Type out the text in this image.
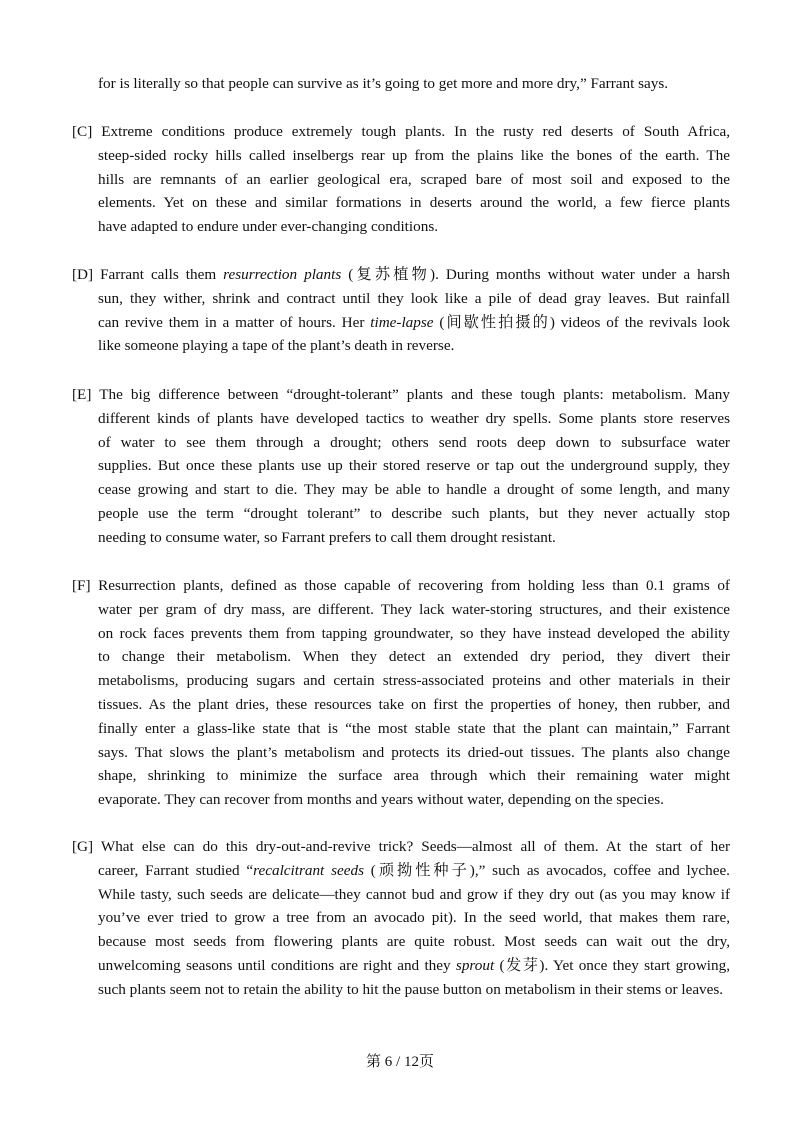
for is literally so that people can survive as it’s going to get more and more dry,” Farrant says.
[C] Extreme conditions produce extremely tough plants. In the rusty red deserts of South Africa,
steep-sided rocky hills called inselbergs rear up from the plains like the bones of the earth. The
hills are remnants of an earlier geological era, scraped bare of most soil and exposed to the
elements. Yet on these and similar formations in deserts around the world, a few fierce plants
have adapted to endure under ever-changing conditions.
[D] Farrant calls them resurrection plants (复苏植物). During months without water under a harsh
sun, they wither, shrink and contract until they look like a pile of dead gray leaves. But rainfall
can revive them in a matter of hours. Her time-lapse (间歇性拍摄的) videos of the revivals look
like someone playing a tape of the plant’s death in reverse.
[E] The big difference between “drought-tolerant” plants and these tough plants: metabolism. Many
different kinds of plants have developed tactics to weather dry spells. Some plants store reserves
of water to see them through a drought; others send roots deep down to subsurface water
supplies. But once these plants use up their stored reserve or tap out the underground supply, they
cease growing and start to die. They may be able to handle a drought of some length, and many
people use the term “drought tolerant” to describe such plants, but they never actually stop
needing to consume water, so Farrant prefers to call them drought resistant.
[F] Resurrection plants, defined as those capable of recovering from holding less than 0.1 grams of
water per gram of dry mass, are different. They lack water-storing structures, and their existence
on rock faces prevents them from tapping groundwater, so they have instead developed the ability
to change their metabolism. When they detect an extended dry period, they divert their
metabolisms, producing sugars and certain stress-associated proteins and other materials in their
tissues. As the plant dries, these resources take on first the properties of honey, then rubber, and
finally enter a glass-like state that is “the most stable state that the plant can maintain,” Farrant
says. That slows the plant’s metabolism and protects its dried-out tissues. The plants also change
shape, shrinking to minimize the surface area through which their remaining water might
evaporate. They can recover from months and years without water, depending on the species.
[G] What else can do this dry-out-and-revive trick? Seeds—almost all of them. At the start of her
career, Farrant studied “recalcitrant seeds (顽拗性种子),” such as avocados, coffee and lychee.
While tasty, such seeds are delicate—they cannot bud and grow if they dry out (as you may know if
you’ve ever tried to grow a tree from an avocado pit). In the seed world, that makes them rare,
because most seeds from flowering plants are quite robust. Most seeds can wait out the dry,
unwelcoming seasons until conditions are right and they sprout (发芽). Yet once they start growing,
such plants seem not to retain the ability to hit the pause button on metabolism in their stems or leaves.
第 6 / 12页
